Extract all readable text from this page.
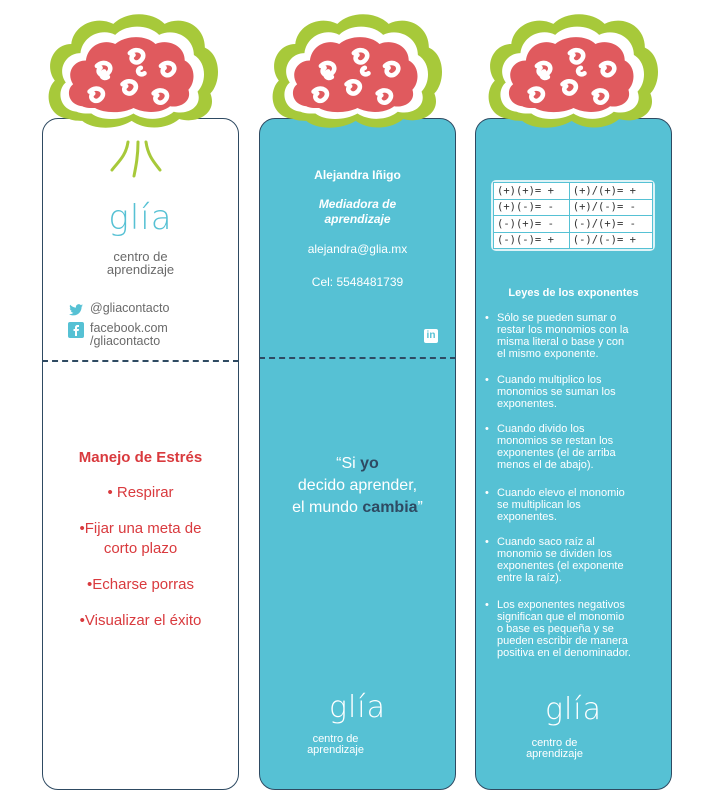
glía
centro de
aprendizaje
@gliacontacto
facebook.com
/gliacontacto
Manejo de Estrés
• Respirar
•Fijar una meta de
corto plazo
•Echarse porras
•Visualizar el éxito
Alejandra Iñigo
Mediadora de
aprendizaje
alejandra@glia.mx
Cel: 5548481739
in
“Si yo
decido aprender,
el mundo cambia”
glía
centro de
aprendizaje
(+)(+)= +	(+)/(+)= +
(+)(-)= -	(+)/(-)= -
(-)(+)= -	(-)/(+)= -
(-)(-)= +	(-)/(-)= +
Leyes de los exponentes
• Sólo se pueden sumar o
restar los monomios con la
misma literal o base y con
el mismo exponente.
• Cuando multiplico los
monomios se suman los
exponentes.
• Cuando divido los
monomios se restan los
exponentes (el de arriba
menos el de abajo).
• Cuando elevo el monomio
se multiplican los
exponentes.
• Cuando saco raíz al
monomio se dividen los
exponentes (el exponente
entre la raíz).
• Los exponentes negativos
significan que el monomio
o base es pequeña y se
pueden escribir de manera
positiva en el denominador.
glía
centro de
aprendizaje
